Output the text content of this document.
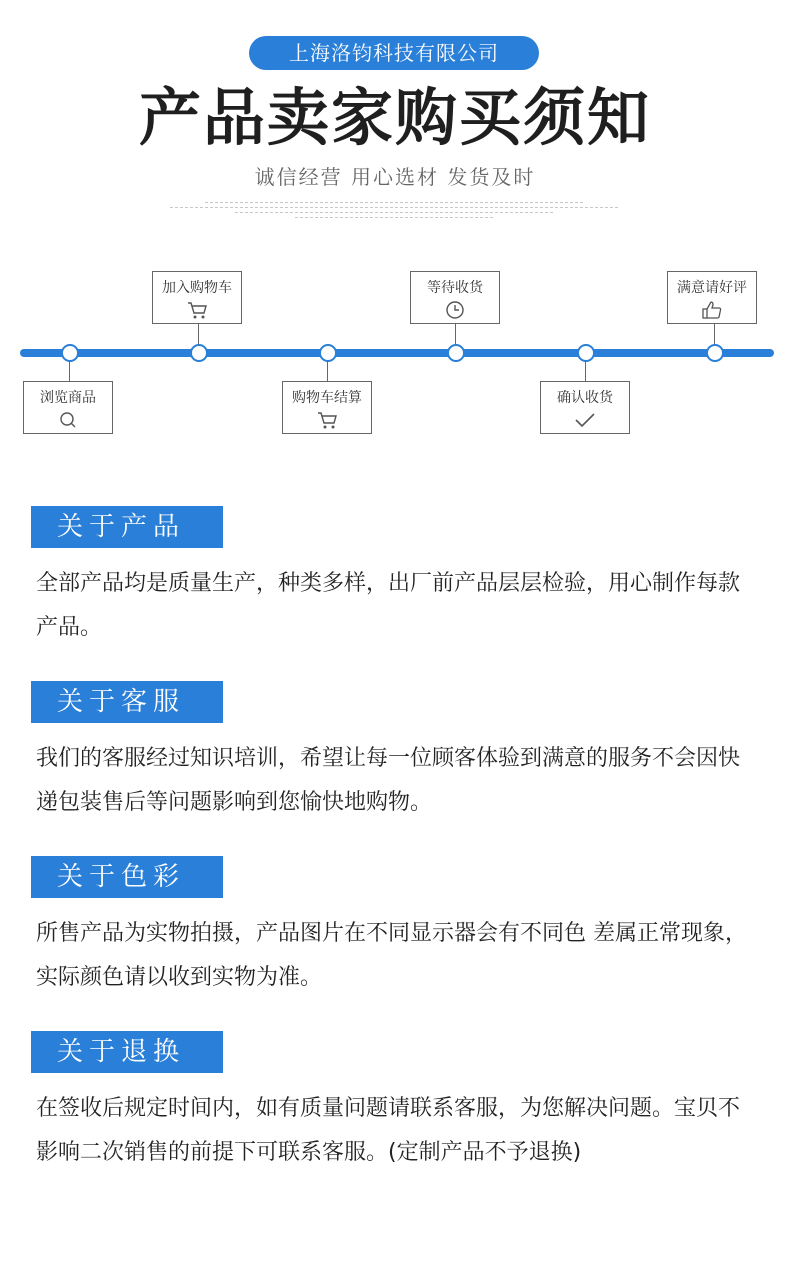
上海洛钧科技有限公司
产品卖家购买须知
诚信经营 用心选材 发货及时
浏览商品
加入购物车
购物车结算
等待收货
确认收货
满意请好评
关于产品
全部产品均是质量生产，种类多样，出厂前产品层层检验，用心制作每款产品。
关于客服
我们的客服经过知识培训，希望让每一位顾客体验到满意的服务不会因快递包装售后等问题影响到您愉快地购物。
关于色彩
所售产品为实物拍摄，产品图片在不同显示器会有不同色 差属正常现象，实际颜色请以收到实物为准。
关于退换
在签收后规定时间内，如有质量问题请联系客服，为您解决问题。宝贝不影响二次销售的前提下可联系客服。(定制产品不予退换)
